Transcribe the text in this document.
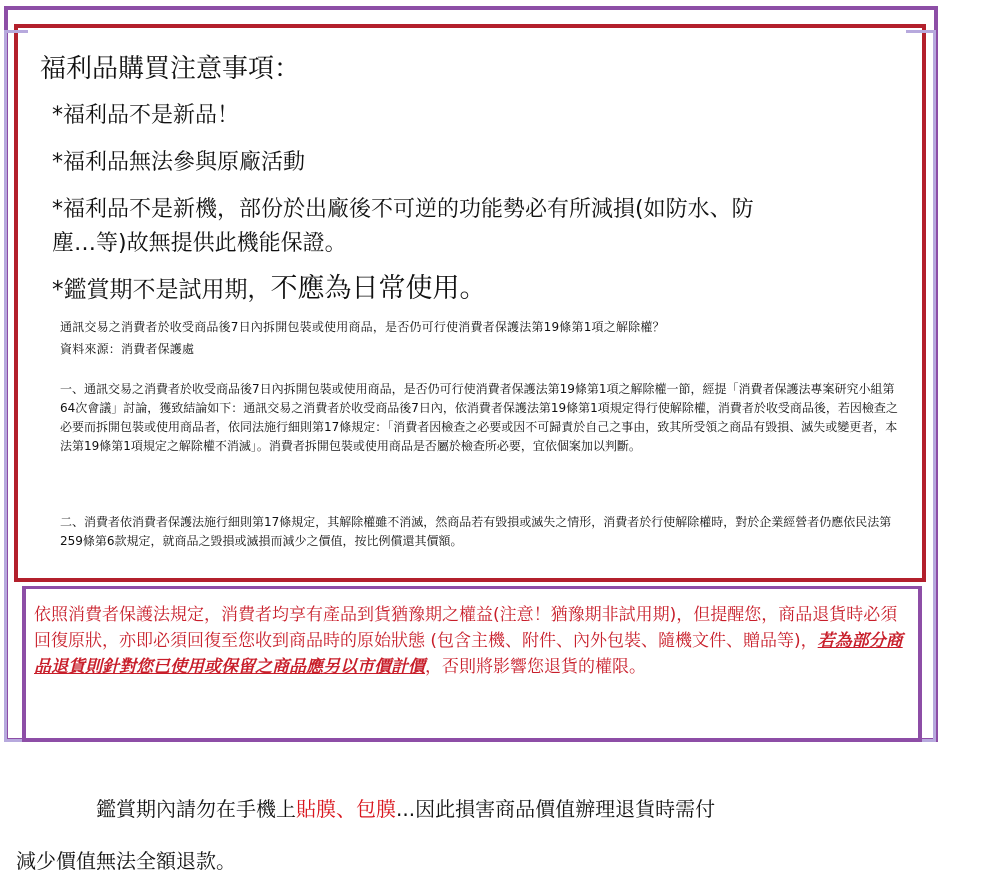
福利品購買注意事項：
*福利品不是新品！
*福利品無法參與原廠活動
*福利品不是新機，部份於出廠後不可逆的功能勢必有所減損(如防水、防
塵…等)故無提供此機能保證。
*鑑賞期不是試用期，不應為日常使用。
通訊交易之消費者於收受商品後7日內拆開包裝或使用商品，是否仍可行使消費者保護法第19條第1項之解除權？
資料來源：消費者保護處
一、通訊交易之消費者於收受商品後7日內拆開包裝或使用商品，是否仍可行使消費者保護法第19條第1項之解除權一節，經提「消費者保護法專案研究小組第64次會議」討論，獲致結論如下：通訊交易之消費者於收受商品後7日內，依消費者保護法第19條第1項規定得行使解除權，消費者於收受商品後，若因檢查之必要而拆開包裝或使用商品者，依同法施行細則第17條規定：「消費者因檢查之必要或因不可歸責於自己之事由，致其所受領之商品有毀損、滅失或變更者，本法第19條第1項規定之解除權不消滅」。消費者拆開包裝或使用商品是否屬於檢查所必要，宜依個案加以判斷。
二、消費者依消費者保護法施行細則第17條規定，其解除權雖不消滅，然商品若有毀損或滅失之情形，消費者於行使解除權時，對於企業經營者仍應依民法第259條第6款規定，就商品之毀損或滅損而減少之價值，按比例償還其價額。
依照消費者保護法規定，消費者均享有產品到貨猶豫期之權益(注意！猶豫期非試用期)，但提醒您，商品退貨時必須回復原狀，亦即必須回復至您收到商品時的原始狀態 (包含主機、附件、內外包裝、隨機文件、贈品等)，若為部分商品退貨則針對您已使用或保留之商品應另以市價計價，否則將影響您退貨的權限。
鑑賞期內請勿在手機上貼膜、包膜...因此損害商品價值辦理退貨時需付
減少價值無法全額退款。
